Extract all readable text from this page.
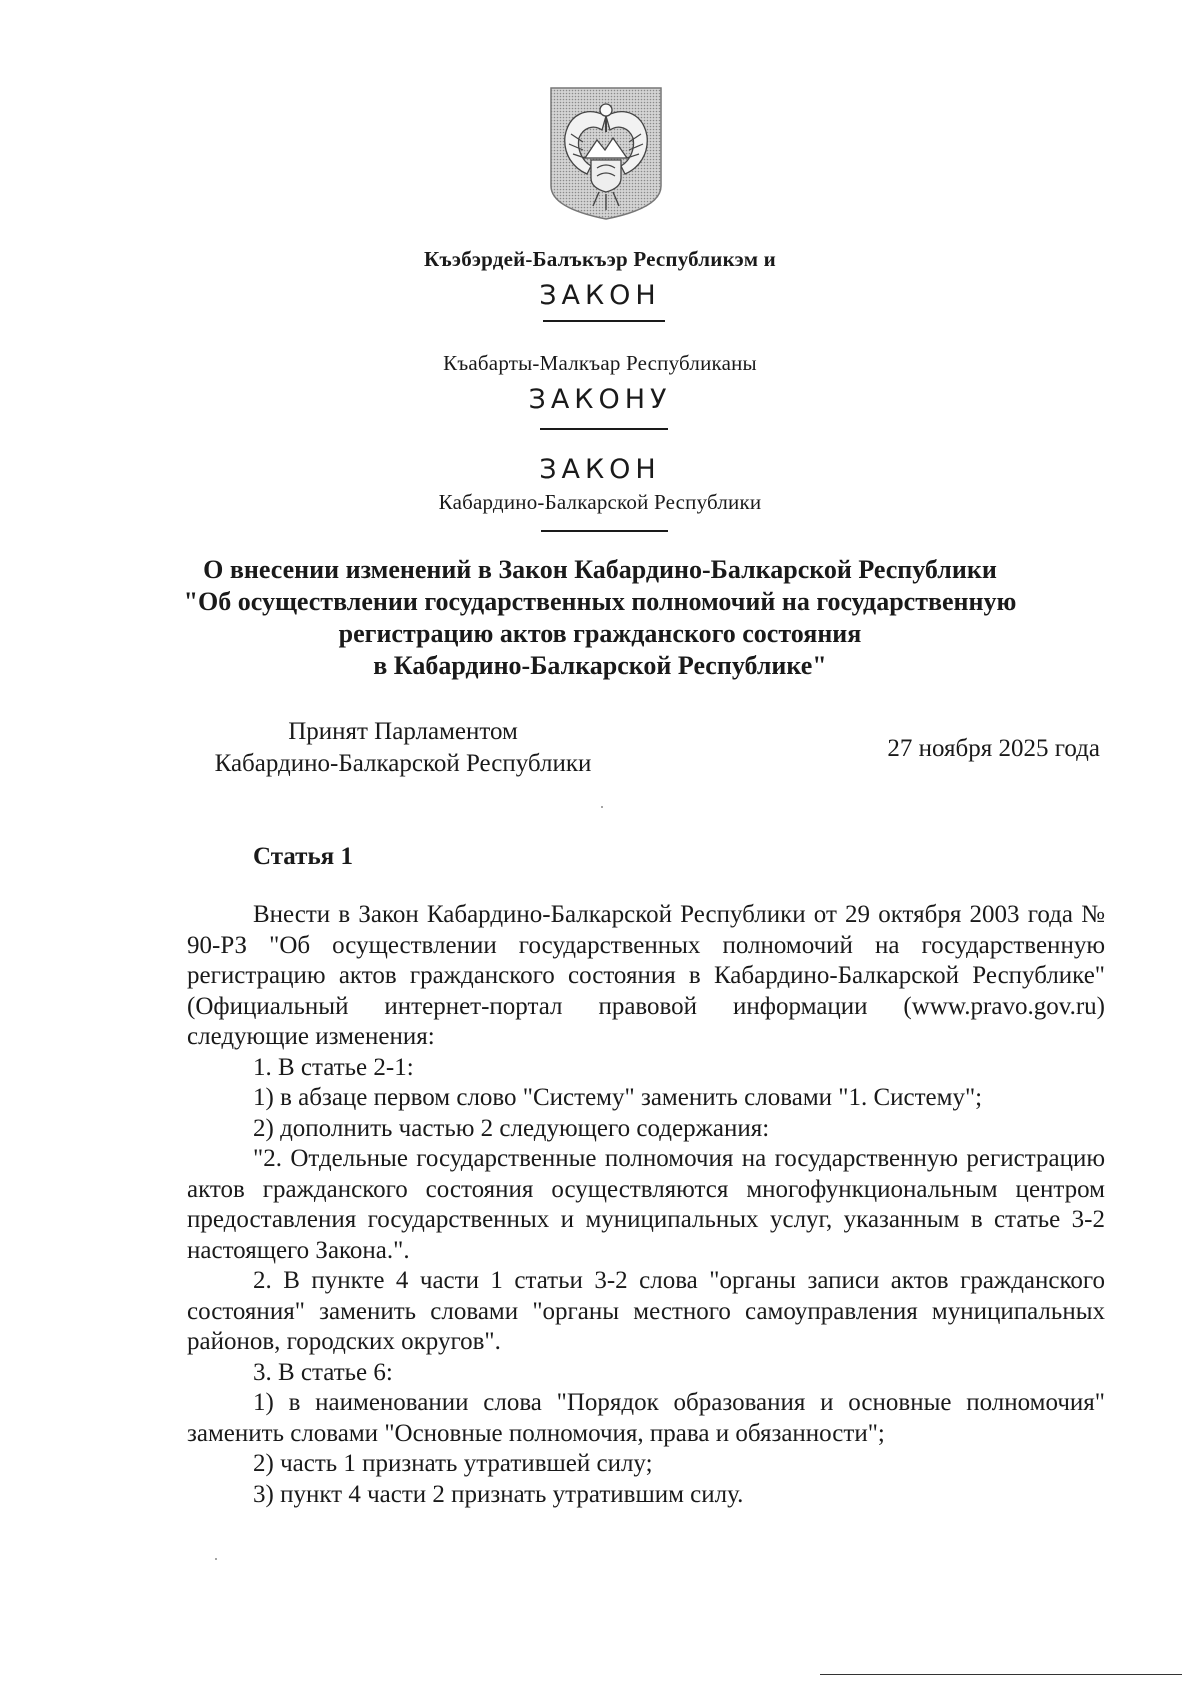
Къэбэрдей-Балъкъэр Республикэм и
ЗАКОН
Къабарты-Малкъар Республиканы
ЗАКОНУ
ЗАКОН
Кабардино-Балкарской Республики
О внесении изменений в Закон Кабардино-Балкарской Республики
"Об осуществлении государственных полномочий на государственную
регистрацию актов гражданского состояния
в Кабардино-Балкарской Республике"
Принят Парламентом
Кабардино-Балкарской Республики
27 ноября 2025 года
Статья 1

Внести в Закон Кабардино-Балкарской Республики от 29 октября 2003 года № 90-РЗ "Об осуществлении государственных полномочий на государственную регистрацию актов гражданского состояния в Кабардино-Балкарской Республике" (Официальный интернет-портал правовой информации (www.pravo.gov.ru) следующие изменения:

1. В статье 2-1:

1) в абзаце первом слово "Систему" заменить словами "1. Систему";

2) дополнить частью 2 следующего содержания:

"2. Отдельные государственные полномочия на государственную регистрацию актов гражданского состояния осуществляются многофункциональным центром предоставления государственных и муниципальных услуг, указанным в статье 3-2 настоящего Закона.".

2. В пункте 4 части 1 статьи 3-2 слова "органы записи актов гражданского состояния" заменить словами "органы местного самоуправления муниципальных районов, городских округов".

3. В статье 6:

1) в наименовании слова "Порядок образования и основные полномочия" заменить словами "Основные полномочия, права и обязанности";

2) часть 1 признать утратившей силу;

3) пункт 4 части 2 признать утратившим силу.
